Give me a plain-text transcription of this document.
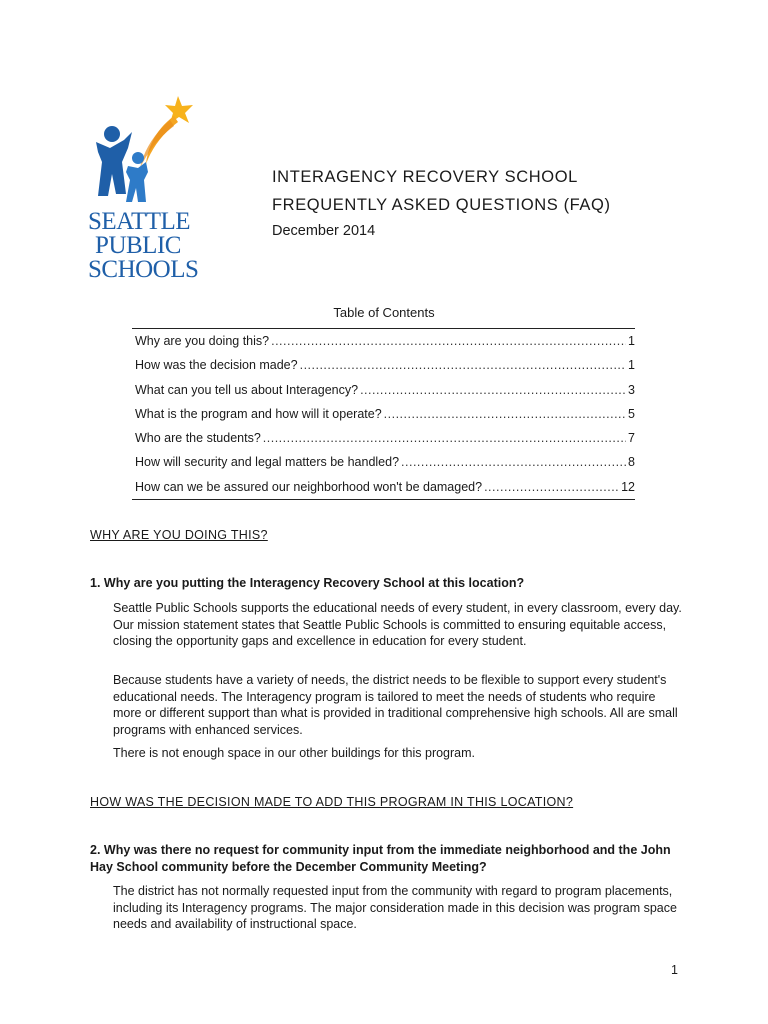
SEATTLE
PUBLIC
SCHOOLS
INTERAGENCY RECOVERY SCHOOL
FREQUENTLY ASKED QUESTIONS (FAQ)
December 2014
Table of Contents
Why are you doing this? .....	1
How was the decision made? .....	1
What can you tell us about Interagency? .....	3
What is the program and how will it operate? .....	5
Who are the students? .....	7
How will security and legal matters be handled? .....	8
How can we be assured our neighborhood won't be damaged? .....	12
WHY ARE YOU DOING THIS?
1. Why are you putting the Interagency Recovery School at this location?

Seattle Public Schools supports the educational needs of every student, in every classroom, every day. Our mission statement states that Seattle Public Schools is committed to ensuring equitable access, closing the opportunity gaps and excellence in education for every student.

Because students have a variety of needs, the district needs to be flexible to support every student's educational needs. The Interagency program is tailored to meet the needs of students who require more or different support than what is provided in traditional comprehensive high schools. All are small programs with enhanced services.

There is not enough space in our other buildings for this program.

HOW WAS THE DECISION MADE TO ADD THIS PROGRAM IN THIS LOCATION?
2. Why was there no request for community input from the immediate neighborhood and the John Hay School community before the December Community Meeting?

The district has not normally requested input from the community with regard to program placements, including its Interagency programs. The major consideration made in this decision was program space needs and availability of instructional space.

1
